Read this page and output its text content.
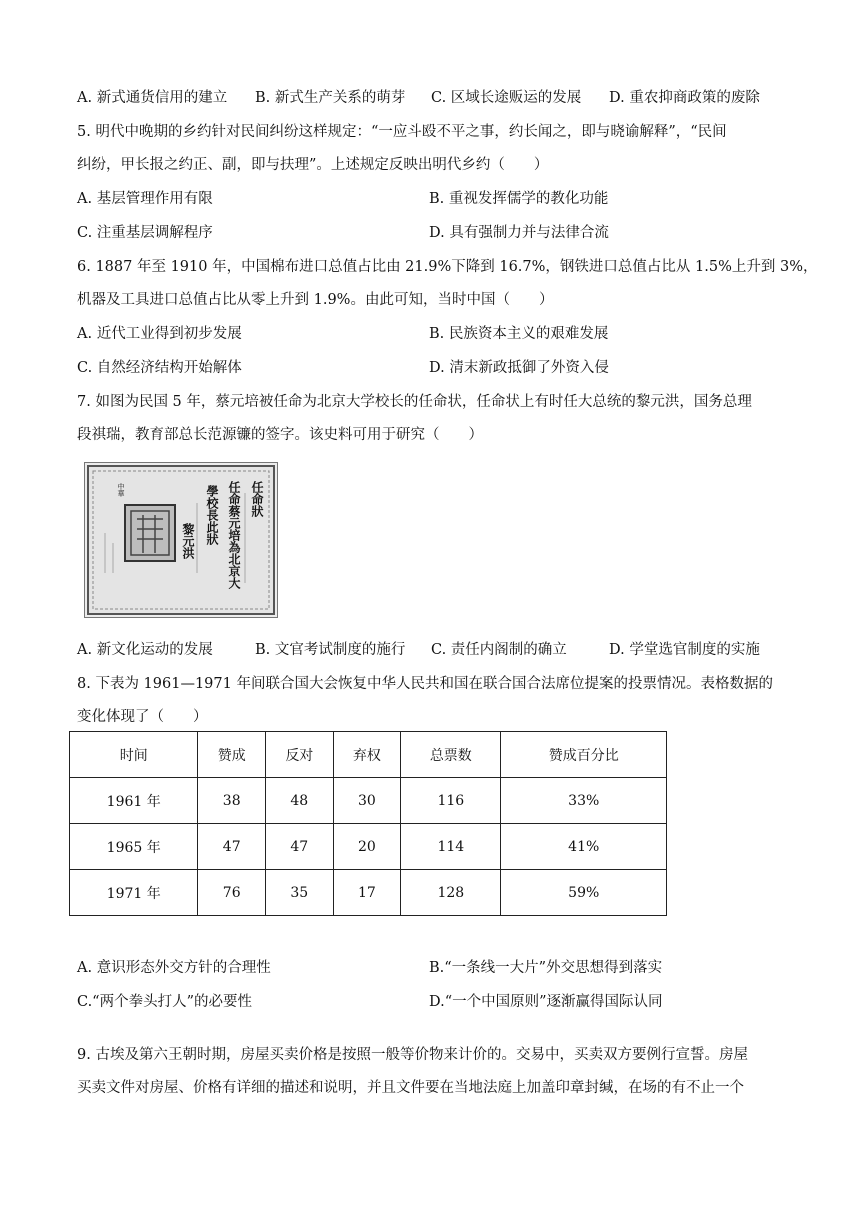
A. 新式通货信用的建立	B. 新式生产关系的萌芽	C. 区域长途贩运的发展	D. 重农抑商政策的废除
5. 明代中晚期的乡约针对民间纠纷这样规定：“一应斗殴不平之事，约长闻之，即与晓谕解释”，“民间
纠纷，甲长报之约正、副，即与扶理”。上述规定反映出明代乡约（　　）
A. 基层管理作用有限	B. 重视发挥儒学的教化功能
C. 注重基层调解程序	D. 具有强制力并与法律合流
6. 1887 年至 1910 年，中国棉布进口总值占比由 21.9%下降到 16.7%，钢铁进口总值占比从 1.5%上升到 3%，
机器及工具进口总值占比从零上升到 1.9%。由此可知，当时中国（　　）
A. 近代工业得到初步发展	B. 民族资本主义的艰难发展
C. 自然经济结构开始解体	D. 清末新政抵御了外资入侵
7. 如图为民国 5 年，蔡元培被任命为北京大学校长的任命状，任命状上有时任大总统的黎元洪，国务总理
段祺瑞，教育部总长范源镰的签字。该史料可用于研究（　　）
任命狀
任命蔡元培為北京大
學校長此狀
黎元洪
中華
A. 新文化运动的发展	B. 文官考试制度的施行	C. 责任内阁制的确立	D. 学堂选官制度的实施
8. 下表为 1961—1971 年间联合国大会恢复中华人民共和国在联合国合法席位提案的投票情况。表格数据的
变化体现了（　　）
时间	赞成	反对	弃权	总票数	赞成百分比
1961 年	38	48	30	116	33%
1965 年	47	47	20	114	41%
1971 年	76	35	17	128	59%
A. 意识形态外交方针的合理性	B.“一条线一大片”外交思想得到落实
C.“两个拳头打人”的必要性	D.“一个中国原则”逐渐赢得国际认同
9. 古埃及第六王朝时期，房屋买卖价格是按照一般等价物来计价的。交易中，买卖双方要例行宣誓。房屋
买卖文件对房屋、价格有详细的描述和说明，并且文件要在当地法庭上加盖印章封缄，在场的有不止一个
